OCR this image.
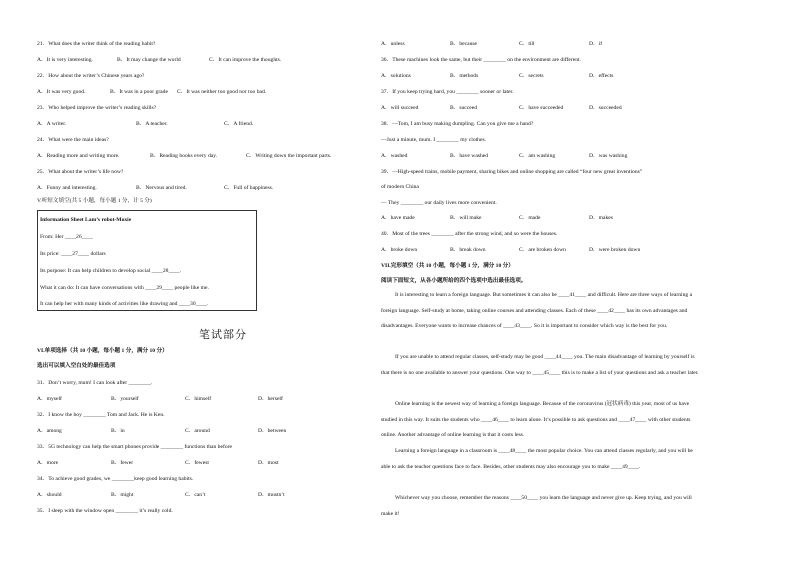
21．What does the writer think of the reading habit?
A．It is very interesting.	B．It may change the world	C．It can improve the thoughts.
22．How about the writer’s Chinese years ago?
A．It was very good.	B．It was in a poor grade C．It was neither too good nor too bad.
23．Who helped improve the writer’s reading skills?
A．A writer.	B．A teacher.	C．A friend.
24．What were the main ideas?
A．Reading more and writing more.	B．Reading books every day.	C．Writing down the important parts.
25．What about the writer’s life now?
A．Funny and interesting.	B．Nervous and tired.	C．Full of happiness.
V.听短文填空(共 5 小题，每小题 1 分，计 5 分)
Information Sheet Lam’s robot-Moxie
From: Her ____26____
Its price: ____27____ dollars
Its purpose: It can help children to develop social ____28____.
What it can do: It can have conversations with ____29____ people like me.
It can help her with many kinds of activities like drawing and ____30____.
笔试部分
VI.单项选择（共 10 小题，每小题 1 分，满分 10 分）
选出可以填入空白处的最佳选项
31．Don’t worry, mum! I can look after ________.
A．myself	B．yourself	C．himself	D．herself
32．I know the boy ________ Tom and Jack. He is Ken.
A．among	B．in	C．around	D．between
33．5G technology can help the smart phones provide ________ functions than before
A．more	B．fewer	C．fewest	D．most
34．To achieve good grades, we ________keep good learning habits.
A．should	B．might	C．can’t	D．mustn’t
35．I sleep with the window open ________ it’s really cold.
A．unless	B．because	C．till	D．if
36．These machines look the same, but their ________ on the environment are different.
A．solutions	B．methods	C．secrets	D．effects
37．If you keep trying hard, you ________ sooner or later.
A．will succeed	B．succeed	C．have succeeded	D．succeeded
38．—Tom, I am busy making dumpling. Can you give me a hand?
—Just a minute, mum. I ________ my clothes.
A．washed	B．have washed	C．am washing	D．was washing
39．—High-speed trains, mobile payment, sharing bikes and online shopping are called “four new great inventions”
of modern China
— They ________ our daily lives more convenient.
A．have made	B．will make	C．made	D．makes
40．Most of the trees ________ after the strong wind, and so were the houses.
A．broke down	B．break down	C．are broken down	D．were broken down
VII.完形填空（共 10 小题，每小题 1 分，满分 10 分）
阅读下面短文，从各小题所给的四个选项中选出最佳选项。
It is interesting to learn a foreign language. But sometimes it can also be ____41____ and difficult. Here are three ways of learning a foreign language. Self-study at home, taking online courses and attending classes. Each of these ____42____ has its own advantages and disadvantages. Everyone wants to increase chances of ____43____. So it is important to consider which way is the best for you.
If you are unable to attend regular classes, self-study may be good ____44____ you. The main disadvantage of learning by yourself is that there is no one available to answer your questions. One way to ____45____ this is to make a list of your questions and ask a teacher later.
Online learning is the newest way of learning a foreign language. Because of the coronavirus (冠状病毒) this year, most of us have studied in this way. It suits the students who ____46____ to learn alone. It’s possible to ask questions and ____47____ with other students online. Another advantage of online learning is that it costs less.
Learning a foreign language in a classroom is ____48____ the most popular choice. You can attend classes regularly, and you will be able to ask the teacher questions face to face. Besides, other students may also encourage you to make ____49____.
Whichever way you choose, remember the reasons ____50____ you learn the language and never give up. Keep trying, and you will make it!
